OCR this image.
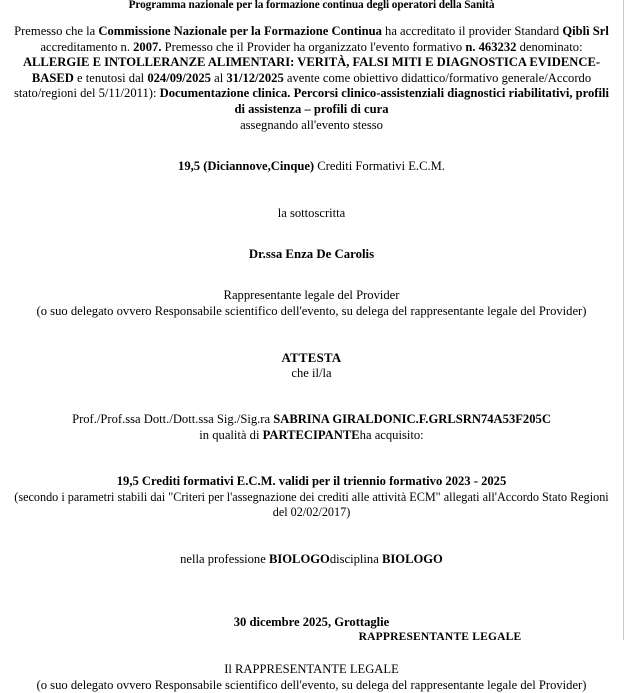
Programma nazionale per la formazione continua degli operatori della Sanità
Premesso che la Commissione Nazionale per la Formazione Continua ha accreditato il provider Standard Qiblì Srl accreditamento n. 2007. Premesso che il Provider ha organizzato l'evento formativo n. 463232 denominato: ALLERGIE E INTOLLERANZE ALIMENTARI: VERITÀ, FALSI MITI E DIAGNOSTICA EVIDENCE-BASED e tenutosi dal 024/09/2025 al 31/12/2025 avente come obiettivo didattico/formativo generale/Accordo stato/regioni del 5/11/2011): Documentazione clinica. Percorsi clinico-assistenziali diagnostici riabilitativi, profili di assistenza – profili di cura
assegnando all'evento stesso
19,5 (Diciannove,Cinque) Crediti Formativi E.C.M.
la sottoscritta
Dr.ssa Enza De Carolis
Rappresentante legale del Provider
(o suo delegato ovvero Responsabile scientifico dell'evento, su delega del rappresentante legale del Provider)
ATTESTA
che il/la
Prof./Prof.ssa Dott./Dott.ssa Sig./Sig.ra SABRINA GIRALDONIC.F.GRLSRN74A53F205C
in qualità di PARTECIPANTEha acquisito:
19,5 Crediti formativi E.C.M. validi per il triennio formativo 2023 - 2025
(secondo i parametri stabili dai "Criteri per l'assegnazione dei crediti alle attività ECM" allegati all'Accordo Stato Regioni
del 02/02/2017)
nella professione BIOLOGOdisciplina BIOLOGO
30 dicembre 2025, Grottaglie
Il RAPPRESENTANTE LEGALE
(o suo delegato ovvero Responsabile scientifico dell'evento, su delega del rappresentante legale del Provider)
RAPPRESENTANTE LEGALE
